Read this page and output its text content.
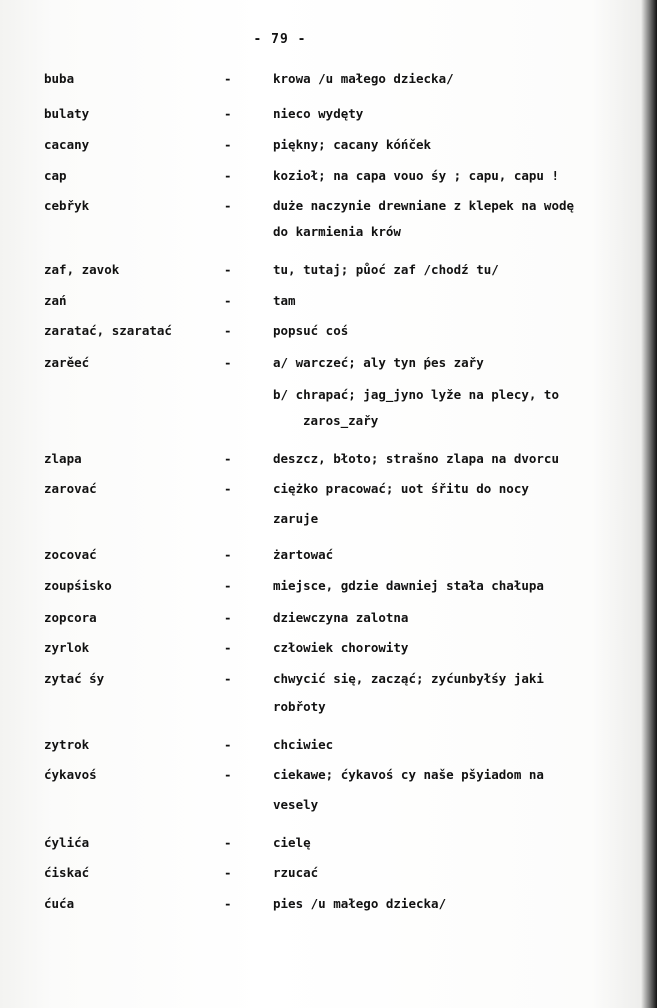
- 79 -
buba	-	krowa /u małego dziecka/
bulaty	-	nieco wydęty
cacany	-	piękny; cacany kóńček
cap	-	kozioł; na capa vouo śy ; capu, capu !
cebřyk	-	duże naczynie drewniane z klepek na wodę
do karmienia krów
zaf, zavok	-	tu, tutaj; půoć zaf /chodź tu/
zań	-	tam
zaratać, szaratać	-	popsuć coś
zarěeć	-	a/ warczeć; aly tyn ṕes zařy
b/ chrapać; jag_jyno lyže na plecy, to
zaros_zařy
zlapa	-	deszcz, błoto; strašno zlapa na dvorcu
zarovać	-	ciężko pracować; uot śřitu do nocy
zaruje
zocovać	-	żartować
zoupśisko	-	miejsce, gdzie dawniej stała chałupa
zopcora	-	dziewczyna zalotna
zyrlok	-	człowiek chorowity
zytać śy	-	chwycić się, zacząć; zyćunbyłśy jaki
robřoty
zytrok	-	chciwiec
ćykavoś	-	ciekawe; ćykavoś cy naše pšyiadom na
vesely
ćylića	-	cielę
ćiskać	-	rzucać
ćuća	-	pies /u małego dziecka/
